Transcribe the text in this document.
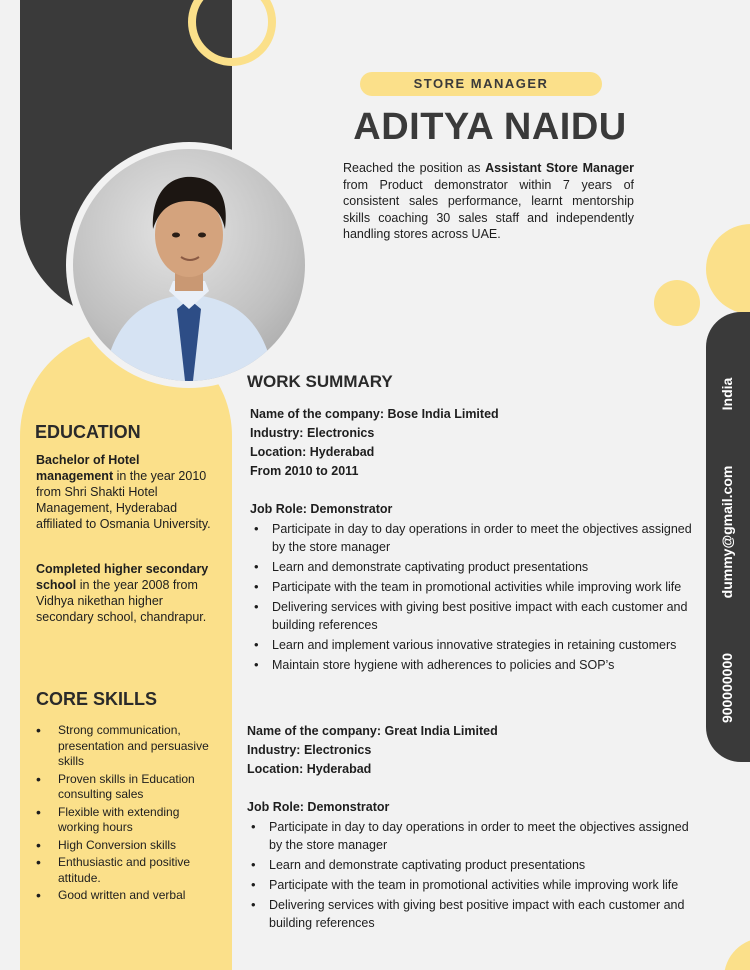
STORE MANAGER
ADITYA NAIDU

Reached the position as Assistant Store Manager from Product demonstrator within 7 years of consistent sales performance, learnt mentorship skills coaching 30 sales staff and independently handling stores across UAE.

India
dummy@gmail.com
900000000
EDUCATION

Bachelor of Hotel management in the year 2010 from Shri Shakti Hotel Management, Hyderabad affiliated to Osmania University.

Completed higher secondary school in the year 2008 from Vidhya nikethan higher secondary school, chandrapur.

CORE SKILLS
• Strong communication, presentation and persuasive skills
• Proven skills in Education consulting sales
• Flexible with extending working hours
• High Conversion skills
• Enthusiastic and positive attitude.
• Good written and verbal
WORK SUMMARY
Name of the company: Bose India Limited
Industry: Electronics
Location: Hyderabad
From 2010 to 2011
Job Role: Demonstrator
• Participate in day to day operations in order to meet the objectives assigned by the store manager
• Learn and demonstrate captivating product presentations
• Participate with the team in promotional activities while improving work life
• Delivering services with giving best positive impact with each customer and building references
• Learn and implement various innovative strategies in retaining customers
• Maintain store hygiene with adherences to policies and SOP’s
Name of the company: Great India Limited
Industry: Electronics
Location: Hyderabad
Job Role: Demonstrator
• Participate in day to day operations in order to meet the objectives assigned by the store manager
• Learn and demonstrate captivating product presentations
• Participate with the team in promotional activities while improving work life
• Delivering services with giving best positive impact with each customer and building references
